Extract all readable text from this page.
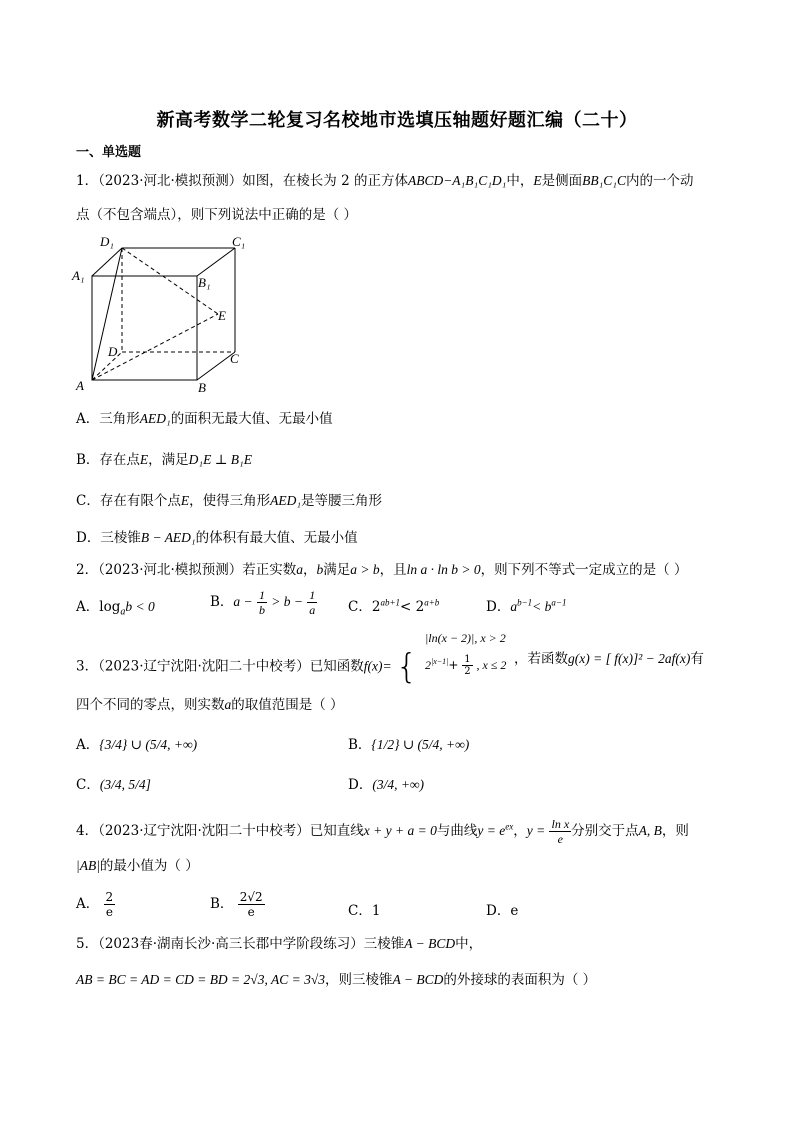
新高考数学二轮复习名校地市选填压轴题好题汇编（二十）
一、单选题
1．（2023·河北·模拟预测）如图，在棱长为 2 的正方体ABCD−A₁B₁C₁D₁中，E是侧面BB₁C₁C内的一个动
点（不包含端点），则下列说法中正确的是（ ）
D₁	C₁
A₁	B₁
E
D	C
A	B
A．三角形AED₁的面积无最大值、无最小值
B．存在点E，满足D₁E ⊥ B₁E
C．存在有限个点E，使得三角形AED₁是等腰三角形
D．三棱锥B − AED₁的体积有最大值、无最小值
2．（2023·河北·模拟预测）若正实数a，b满足a > b，且ln a · ln b > 0，则下列不等式一定成立的是（ ）
A．$\log_ab < 0$	B．$a - \frac{1}{b} > b - \frac{1}{a}$ C．$2^{ab+1}< 2^{a+b}$	D．$a^{b-1}< b^{a-1}$
3．（2023·辽宁沈阳·沈阳二十中校考）已知函数f(x)= {
|ln(x − 2)|, x > 2
$2^{|x-1|}+ \frac{1}{2}$ , x ≤ 2 ，若函数g(x) = [ f(x)]² − 2af(x)有
四个不同的零点，则实数a的取值范围是（ ）
A．{3/4} ∪ (5/4, +∞)	B．{1/2} ∪ (5/4, +∞)
C．(3/4, 5/4]	D．(3/4, +∞)
4．（2023·辽宁沈阳·沈阳二十中校考）已知直线x + y + a = 0与曲线$y = e^{ex}$，$y = \frac{\text{ln x}}{e}$ 分别交于点A, B，则
|AB|的最小值为（ ）
A． $\frac{2}{e}$	B． $\frac{2√2}{e}$	C．1	D．e
5．（2023春·湖南长沙·高三长郡中学阶段练习）三棱锥A − BCD中，
AB = BC = AD = CD = BD = 2√3, AC = 3√3，则三棱锥A − BCD的外接球的表面积为（ ）
